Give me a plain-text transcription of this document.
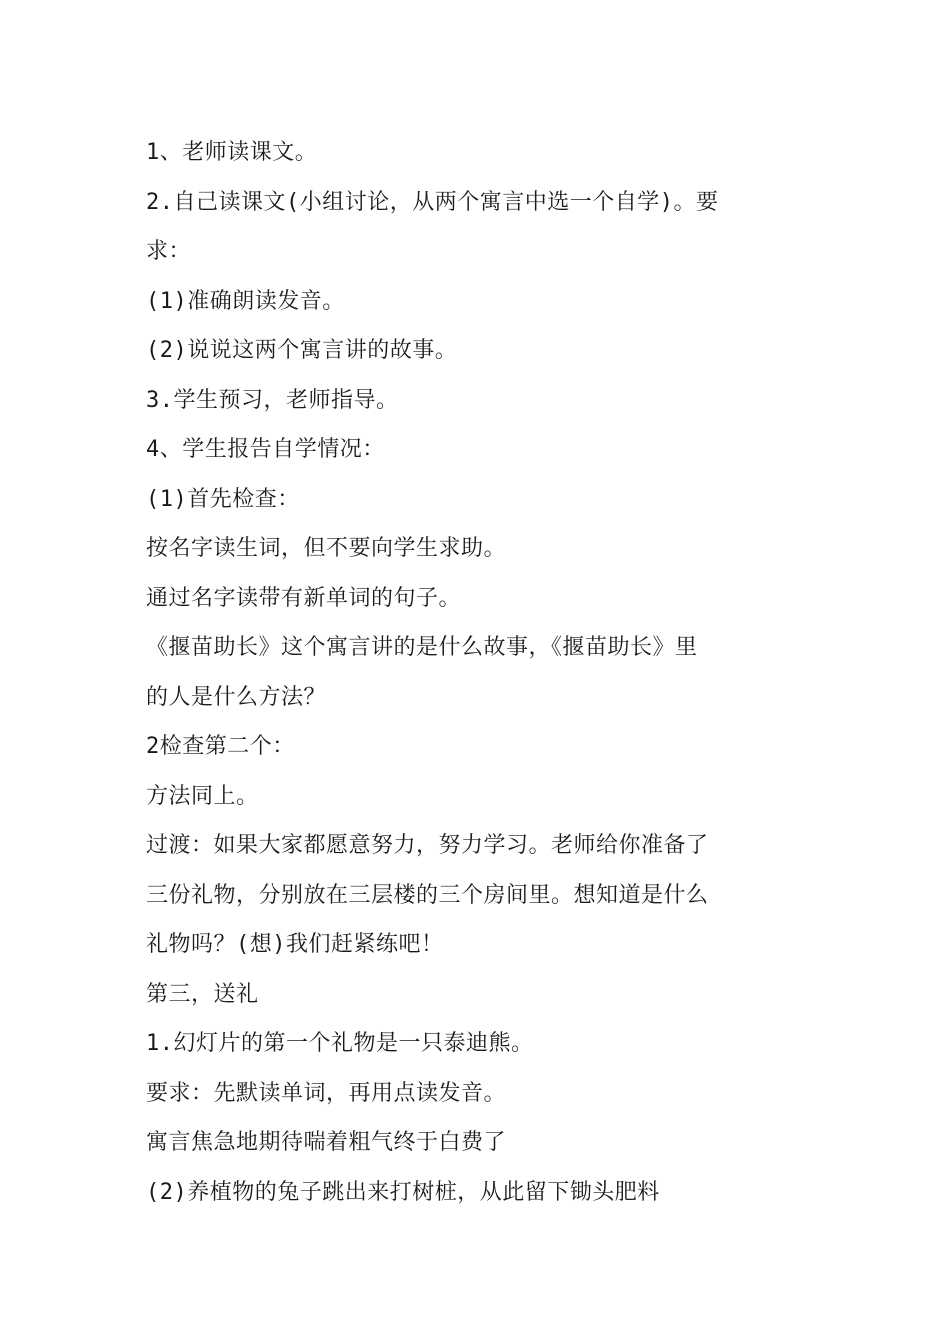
1、老师读课文。
2.自己读课文(小组讨论，从两个寓言中选一个自学)。要
求：
(1)准确朗读发音。
(2)说说这两个寓言讲的故事。
3.学生预习，老师指导。
4、学生报告自学情况：
(1)首先检查：
按名字读生词，但不要向学生求助。
通过名字读带有新单词的句子。
《揠苗助长》这个寓言讲的是什么故事，《揠苗助长》里
的人是什么方法？
2检查第二个：
方法同上。
过渡：如果大家都愿意努力，努力学习。老师给你准备了
三份礼物，分别放在三层楼的三个房间里。想知道是什么
礼物吗？(想)我们赶紧练吧！
第三，送礼
1.幻灯片的第一个礼物是一只泰迪熊。
要求：先默读单词，再用点读发音。
寓言焦急地期待喘着粗气终于白费了
(2)养植物的兔子跳出来打树桩，从此留下锄头肥料
